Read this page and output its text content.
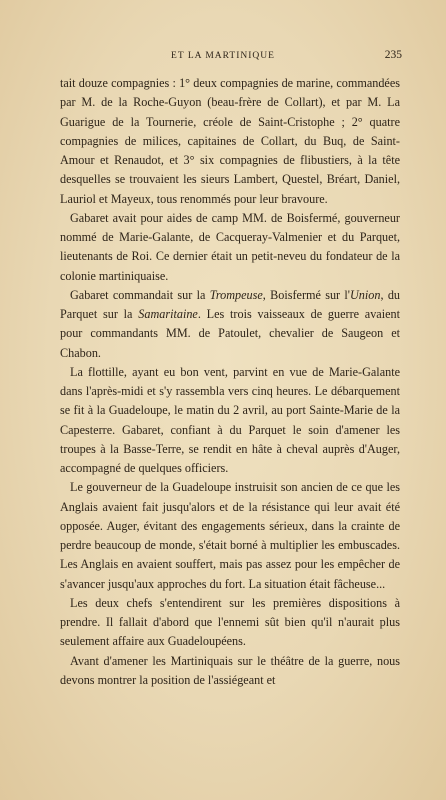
ET LA MARTINIQUE	235

tait douze compagnies : 1° deux compagnies de marine, commandées par M. de la Roche-Guyon (beau-frère de Collart), et par M. La Guarigue de la Tournerie, créole de Saint-Cristophe ; 2° quatre compagnies de milices, capitaines de Collart, du Buq, de Saint-Amour et Renaudot, et 3° six compagnies de flibustiers, à la tête desquelles se trouvaient les sieurs Lambert, Questel, Bréart, Daniel, Lauriol et Mayeux, tous renommés pour leur bravoure.

Gabaret avait pour aides de camp MM. de Boisfermé, gouverneur nommé de Marie-Galante, de Cacqueray-Valmenier et du Parquet, lieutenants de Roi. Ce dernier était un petit-neveu du fondateur de la colonie martiniquaise.

Gabaret commandait sur la Trompeuse, Boisfermé sur l'Union, du Parquet sur la Samaritaine. Les trois vaisseaux de guerre avaient pour commandants MM. de Patoulet, chevalier de Saugeon et Chabon.

La flottille, ayant eu bon vent, parvint en vue de Marie-Galante dans l'après-midi et s'y rassembla vers cinq heures. Le débarquement se fit à la Guadeloupe, le matin du 2 avril, au port Sainte-Marie de la Capesterre. Gabaret, confiant à du Parquet le soin d'amener les troupes à la Basse-Terre, se rendit en hâte à cheval auprès d'Auger, accompagné de quelques officiers.

Le gouverneur de la Guadeloupe instruisit son ancien de ce que les Anglais avaient fait jusqu'alors et de la résistance qui leur avait été opposée. Auger, évitant des engagements sérieux, dans la crainte de perdre beaucoup de monde, s'était borné à multiplier les embuscades. Les Anglais en avaient souffert, mais pas assez pour les empêcher de s'avancer jusqu'aux approches du fort. La situation était fâcheuse...

Les deux chefs s'entendirent sur les premières dispositions à prendre. Il fallait d'abord que l'ennemi sût bien qu'il n'aurait plus seulement affaire aux Guadeloupéens.

Avant d'amener les Martiniquais sur le théâtre de la guerre, nous devons montrer la position de l'assiégeant et
